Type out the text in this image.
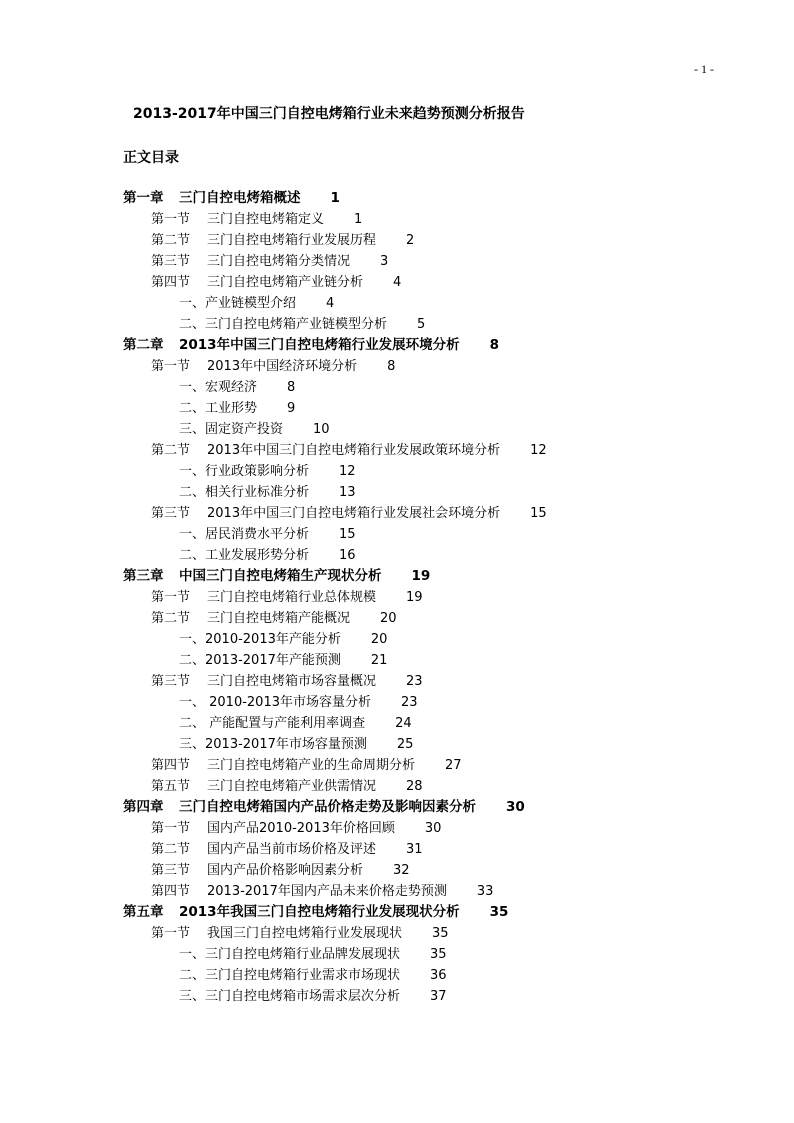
- 1 -
2013-2017年中国三门自控电烤箱行业未来趋势预测分析报告
正文目录
第一章 三门自控电烤箱概述 1
第一节 三门自控电烤箱定义 1
第二节 三门自控电烤箱行业发展历程 2
第三节 三门自控电烤箱分类情况 3
第四节 三门自控电烤箱产业链分析 4
一、产业链模型介绍 4
二、三门自控电烤箱产业链模型分析 5
第二章 2013年中国三门自控电烤箱行业发展环境分析 8
第一节 2013年中国经济环境分析 8
一、宏观经济 8
二、工业形势 9
三、固定资产投资 10
第二节 2013年中国三门自控电烤箱行业发展政策环境分析 12
一、行业政策影响分析 12
二、相关行业标准分析 13
第三节 2013年中国三门自控电烤箱行业发展社会环境分析 15
一、居民消费水平分析 15
二、工业发展形势分析 16
第三章 中国三门自控电烤箱生产现状分析 19
第一节 三门自控电烤箱行业总体规模 19
第二节 三门自控电烤箱产能概况 20
一、2010-2013年产能分析 20
二、2013-2017年产能预测 21
第三节 三门自控电烤箱市场容量概况 23
一、 2010-2013年市场容量分析 23
二、 产能配置与产能利用率调查 24
三、2013-2017年市场容量预测 25
第四节 三门自控电烤箱产业的生命周期分析 27
第五节 三门自控电烤箱产业供需情况 28
第四章 三门自控电烤箱国内产品价格走势及影响因素分析 30
第一节 国内产品2010-2013年价格回顾 30
第二节 国内产品当前市场价格及评述 31
第三节 国内产品价格影响因素分析 32
第四节 2013-2017年国内产品未来价格走势预测 33
第五章 2013年我国三门自控电烤箱行业发展现状分析 35
第一节 我国三门自控电烤箱行业发展现状 35
一、三门自控电烤箱行业品牌发展现状 35
二、三门自控电烤箱行业需求市场现状 36
三、三门自控电烤箱市场需求层次分析 37
